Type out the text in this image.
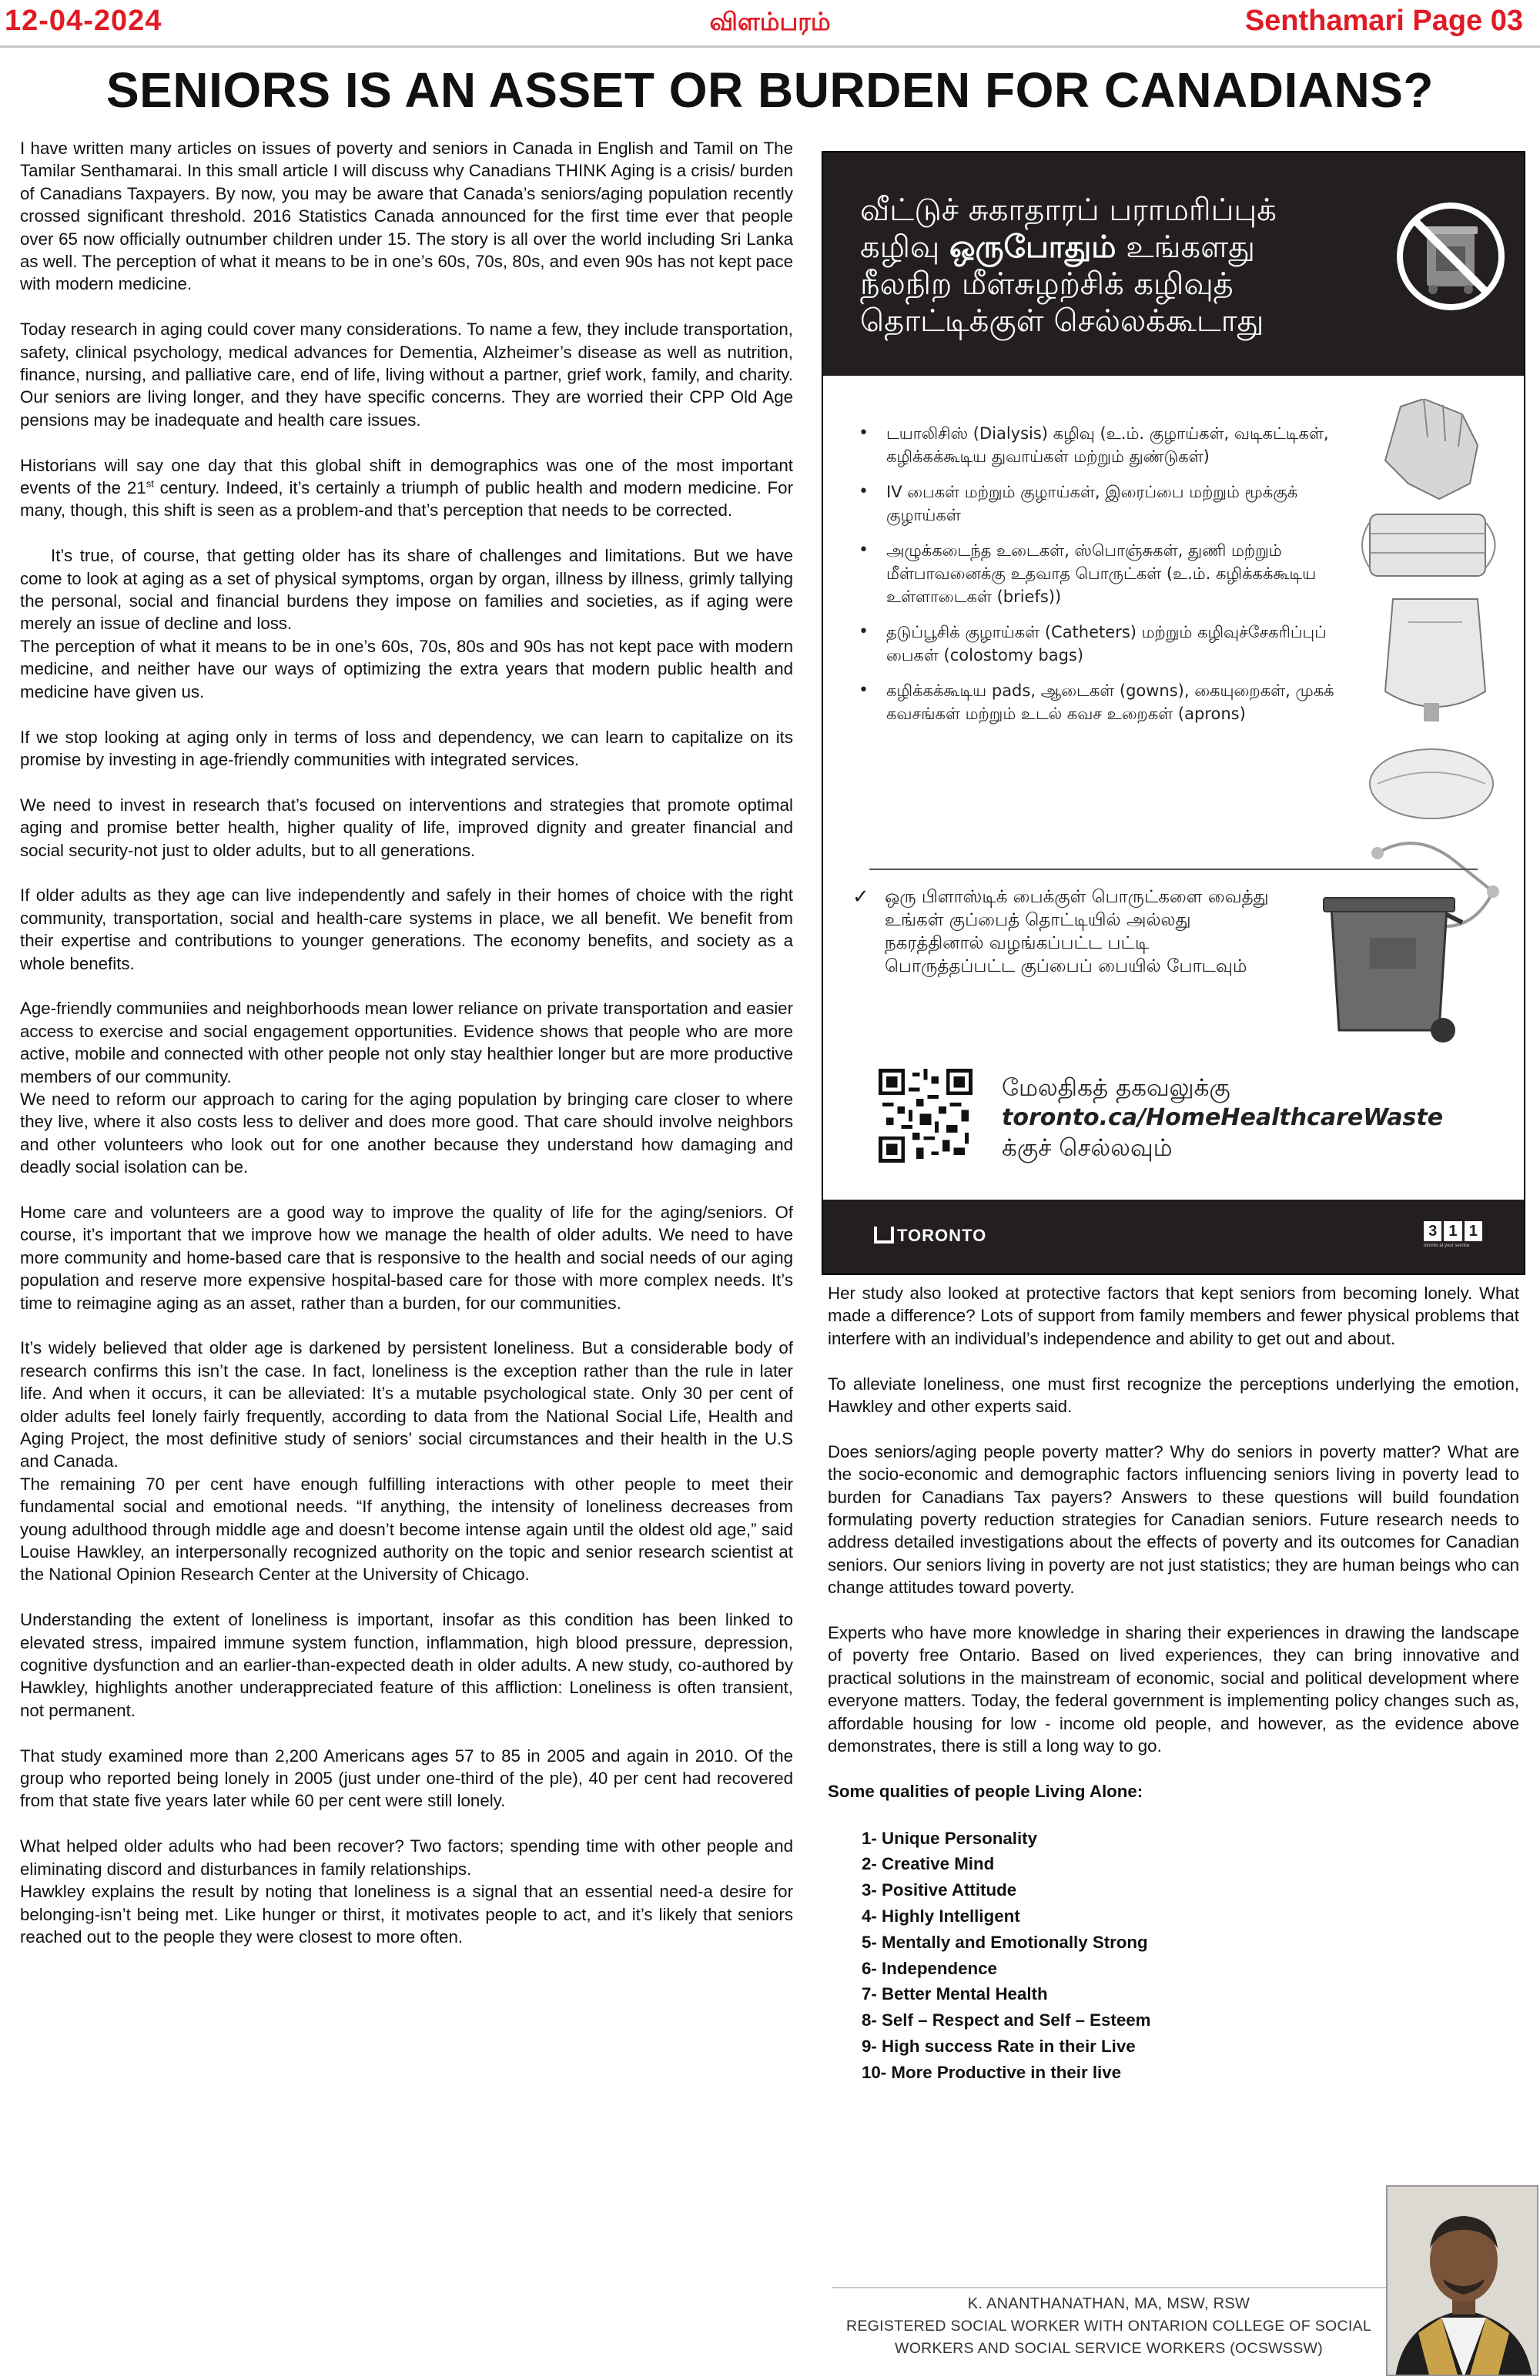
12-04-2024	விளம்பரம்	Senthamari Page 03
SENIORS IS AN ASSET OR BURDEN FOR CANADIANS?

I have written many articles on issues of poverty and seniors in Canada in English and Tamil on The Tamilar Senthamarai. In this small article I will discuss why Canadians THINK Aging is a crisis/ burden of Canadians Taxpayers. By now, you may be aware that Canada’s seniors/aging population recently crossed significant threshold. 2016 Statistics Canada announced for the first time ever that people over 65 now officially outnumber children under 15. The story is all over the world including Sri Lanka as well. The perception of what it means to be in one’s 60s, 70s, 80s, and even 90s has not kept pace with modern medicine.

Today research in aging could cover many considerations. To name a few, they include transportation, safety, clinical psychology, medical advances for Dementia, Alzheimer’s disease as well as nutrition, finance, nursing, and palliative care, end of life, living without a partner, grief work, family, and charity. Our seniors are living longer, and they have specific concerns. They are worried their CPP Old Age pensions may be inadequate and health care issues.

Historians will say one day that this global shift in demographics was one of the most important events of the 21st century. Indeed, it’s certainly a triumph of public health and modern medicine. For many, though, this shift is seen as a problem-and that’s perception that needs to be corrected.

It’s true, of course, that getting older has its share of challenges and limitations. But we have come to look at aging as a set of physical symptoms, organ by organ, illness by illness, grimly tallying the personal, social and financial burdens they impose on families and societies, as if aging were merely an issue of decline and loss.

The perception of what it means to be in one’s 60s, 70s, 80s and 90s has not kept pace with modern medicine, and neither have our ways of optimizing the extra years that modern public health and medicine have given us.

If we stop looking at aging only in terms of loss and dependency, we can learn to capitalize on its promise by investing in age-friendly communities with integrated services.

We need to invest in research that’s focused on interventions and strategies that promote optimal aging and promise better health, higher quality of life, improved dignity and greater financial and social security-not just to older adults, but to all generations.

If older adults as they age can live independently and safely in their homes of choice with the right community, transportation, social and health-care systems in place, we all benefit. We benefit from their expertise and contributions to younger generations. The economy benefits, and society as a whole benefits.

Age-friendly communiies and neighborhoods mean lower reliance on private transportation and easier access to exercise and social engagement opportunities. Evidence shows that people who are more active, mobile and connected with other people not only stay healthier longer but are more productive members of our community.

We need to reform our approach to caring for the aging population by bringing care closer to where they live, where it also costs less to deliver and does more good. That care should involve neighbors and other volunteers who look out for one another because they understand how damaging and deadly social isolation can be.

Home care and volunteers are a good way to improve the quality of life for the aging/seniors. Of course, it’s important that we improve how we manage the health of older adults. We need to have more community and home-based care that is responsive to the health and social needs of our aging population and reserve more expensive hospital-based care for those with more complex needs. It’s time to reimagine aging as an asset, rather than a burden, for our communities.

It’s widely believed that older age is darkened by persistent loneliness. But a considerable body of research confirms this isn’t the case. In fact, loneliness is the exception rather than the rule in later life. And when it occurs, it can be alleviated: It’s a mutable psychological state. Only 30 per cent of older adults feel lonely fairly frequently, according to data from the National Social Life, Health and Aging Project, the most definitive study of seniors’ social circumstances and their health in the U.S and Canada.

The remaining 70 per cent have enough fulfilling interactions with other people to meet their fundamental social and emotional needs. “If anything, the intensity of loneliness decreases from young adulthood through middle age and doesn’t become intense again until the oldest old age,” said Louise Hawkley, an interpersonally recognized authority on the topic and senior research scientist at the National Opinion Research Center at the University of Chicago.

Understanding the extent of loneliness is important, insofar as this condition has been linked to elevated stress, impaired immune system function, inflammation, high blood pressure, depression, cognitive dysfunction and an earlier-than-expected death in older adults. A new study, co-authored by Hawkley, highlights another underappreciated feature of this affliction: Loneliness is often transient, not permanent.

That study examined more than 2,200 Americans ages 57 to 85 in 2005 and again in 2010. Of the group who reported being lonely in 2005 (just under one-third of the ple), 40 per cent had recovered from that state five years later while 60 per cent were still lonely.

What helped older adults who had been recover? Two factors; spending time with other people and eliminating discord and disturbances in family relationships.

Hawkley explains the result by noting that loneliness is a signal that an essential need-a desire for belonging-isn’t being met. Like hunger or thirst, it motivates people to act, and it’s likely that seniors reached out to the people they were closest to more often.

வீட்டுச் சுகாதாரப் பராமரிப்புக்
கழிவு ஒருபோதும் உங்களது
நீலநிற மீள்சுழற்சிக் கழிவுத்
தொட்டிக்குள் செல்லக்கூடாது
• டயாலிசிஸ் (Dialysis) கழிவு (உ.ம். குழாய்கள், வடிகட்டிகள், கழிக்கக்கூடிய துவாய்கள் மற்றும் துண்டுகள்)
• IV பைகள் மற்றும் குழாய்கள், இரைப்பை மற்றும் மூக்குக் குழாய்கள்
• அழுக்கடைந்த உடைகள், ஸ்பொஞ்சுகள், துணி மற்றும் மீள்பாவனைக்கு உதவாத பொருட்கள் (உ.ம். கழிக்கக்கூடிய உள்ளாடைகள் (briefs))
• தடுப்பூசிக் குழாய்கள் (Catheters) மற்றும் கழிவுச்சேகரிப்புப் பைகள் (colostomy bags)
• கழிக்கக்கூடிய pads, ஆடைகள் (gowns), கையுறைகள், முகக் கவசங்கள் மற்றும் உடல் கவச உறைகள் (aprons)
✓ ஒரு பிளாஸ்டிக் பைக்குள் பொருட்களை வைத்து உங்கள் குப்பைத் தொட்டியில் அல்லது நகரத்தினால் வழங்கப்பட்ட பட்டி பொருத்தப்பட்ட குப்பைப் பையில் போடவும்
மேலதிகத் தகவலுக்கு
toronto.ca/HomeHealthcareWaste
க்குச் செல்லவும்
TORONTO	3 1 1
toronto at your service

Her study also looked at protective factors that kept seniors from becoming lonely. What made a difference? Lots of support from family members and fewer physical problems that interfere with an individual’s independence and ability to get out and about.

To alleviate loneliness, one must first recognize the perceptions underlying the emotion, Hawkley and other experts said.

Does seniors/aging people poverty matter? Why do seniors in poverty matter? What are the socio-economic and demographic factors influencing seniors living in poverty lead to burden for Canadians Tax payers? Answers to these questions will build foundation formulating poverty reduction strategies for Canadian seniors. Future research needs to address detailed investigations about the effects of poverty and its outcomes for Canadian seniors. Our seniors living in poverty are not just statistics; they are human beings who can change attitudes toward poverty.

Experts who have more knowledge in sharing their experiences in drawing the landscape of poverty free Ontario. Based on lived experiences, they can bring innovative and practical solutions in the mainstream of economic, social and political development where everyone matters. Today, the federal government is implementing policy changes such as, affordable housing for low - income old people, and however, as the evidence above demonstrates, there is still a long way to go.

Some qualities of people Living Alone:
1- Unique Personality
2- Creative Mind
3- Positive Attitude
4- Highly Intelligent
5- Mentally and Emotionally Strong
6- Independence
7- Better Mental Health
8- Self – Respect and Self – Esteem
9- High success Rate in their Live
10- More Productive in their live
K. ANANTHANATHAN, MA, MSW, RSW
REGISTERED SOCIAL WORKER WITH ONTARION COLLEGE OF SOCIAL
WORKERS AND SOCIAL SERVICE WORKERS (OCSWSSW)
